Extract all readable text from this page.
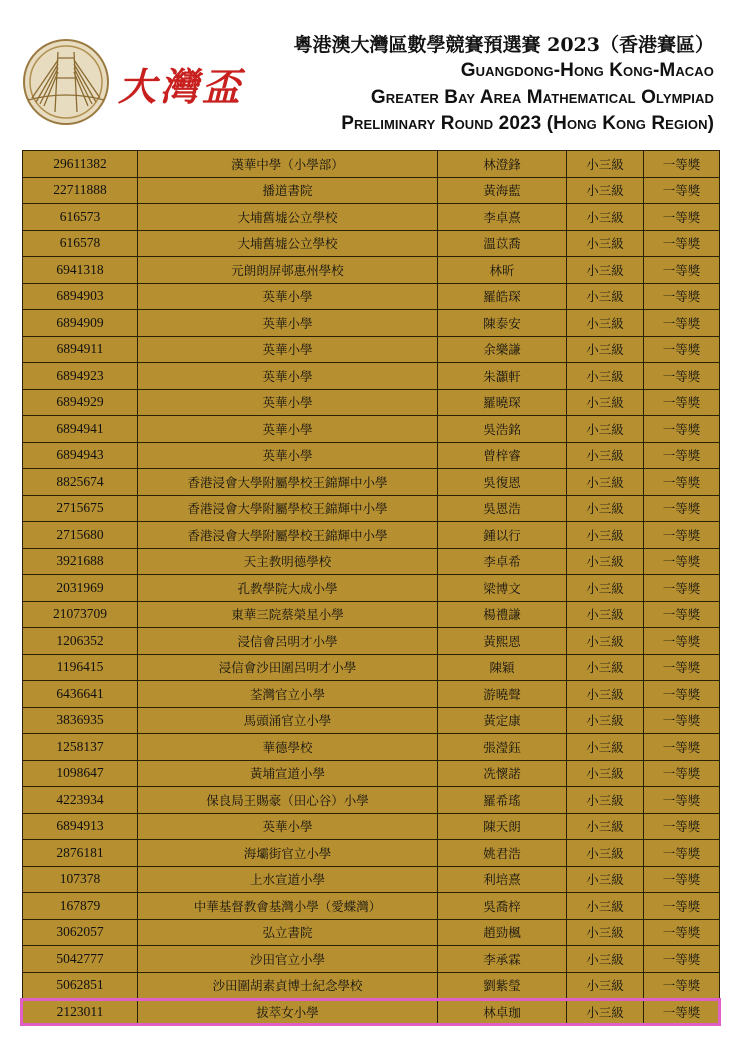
大灣盃
粵港澳大灣區數學競賽預選賽 2023（香港賽區）
Guangdong-Hong Kong-Macao
Greater Bay Area Mathematical Olympiad
Preliminary Round 2023 (Hong Kong Region)
29611382	漢華中學（小學部）	林澄鋒	小三級	一等獎
22711888	播道書院	黃海藍	小三級	一等獎
616573	大埔舊墟公立學校	李卓熹	小三級	一等獎
616578	大埔舊墟公立學校	溫苡喬	小三級	一等獎
6941318	元朗朗屏邨惠州學校	林昕	小三級	一等獎
6894903	英華小學	羅皓琛	小三級	一等獎
6894909	英華小學	陳泰安	小三級	一等獎
6894911	英華小學	余樂謙	小三級	一等獎
6894923	英華小學	朱灝軒	小三級	一等獎
6894929	英華小學	羅曉琛	小三級	一等獎
6894941	英華小學	吳浩銘	小三級	一等獎
6894943	英華小學	曾梓睿	小三級	一等獎
8825674	香港浸會大學附屬學校王錦輝中小學	吳復恩	小三級	一等獎
2715675	香港浸會大學附屬學校王錦輝中小學	吳恩浩	小三級	一等獎
2715680	香港浸會大學附屬學校王錦輝中小學	鍾以行	小三級	一等獎
3921688	天主教明德學校	李卓希	小三級	一等獎
2031969	孔教學院大成小學	梁博文	小三級	一等獎
21073709	東華三院蔡榮星小學	楊禮謙	小三級	一等獎
1206352	浸信會呂明才小學	黃熙恩	小三級	一等獎
1196415	浸信會沙田圍呂明才小學	陳穎	小三級	一等獎
6436641	荃灣官立小學	游曉聲	小三級	一等獎
3836935	馬頭涌官立小學	黃定康	小三級	一等獎
1258137	華德學校	張瀅鈺	小三級	一等獎
1098647	黃埔宣道小學	冼懷諾	小三級	一等獎
4223934	保良局王賜豪（田心谷）小學	羅希瑤	小三級	一等獎
6894913	英華小學	陳天朗	小三級	一等獎
2876181	海壩街官立小學	姚君浩	小三級	一等獎
107378	上水宣道小學	利培熹	小三級	一等獎
167879	中華基督教會基灣小學（愛蝶灣）	吳喬梓	小三級	一等獎
3062057	弘立書院	趙勁楓	小三級	一等獎
5042777	沙田官立小學	李承霖	小三級	一等獎
5062851	沙田圍胡素貞博士紀念學校	劉紫瑩	小三級	一等獎
2123011	拔萃女小學	林卓珈	小三級	一等獎
